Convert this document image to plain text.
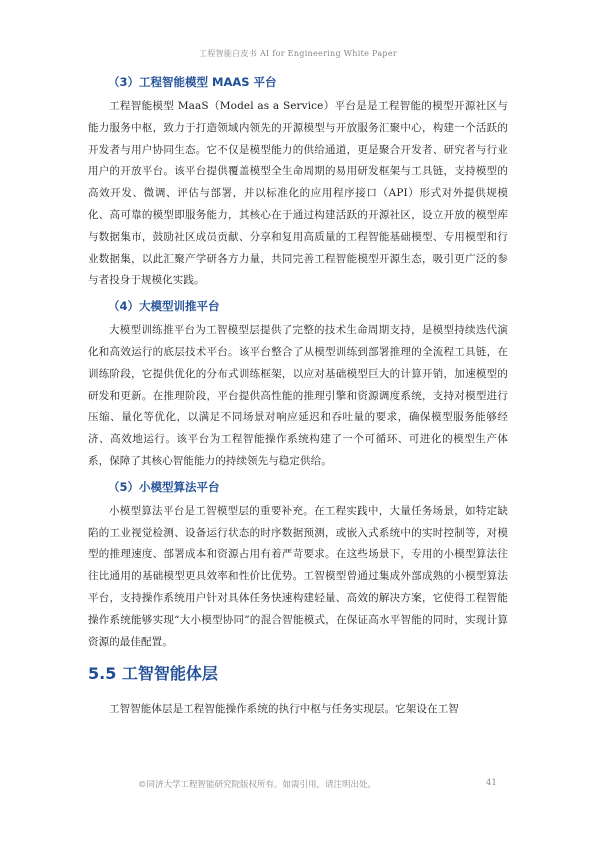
工程智能白皮书 AI for Engineering White Paper
（3）工程智能模型 MAAS 平台

工程智能模型 MaaS（Model as a Service）平台是是工程智能的模型开源社区与能力服务中枢，致力于打造领域内领先的开源模型与开放服务汇聚中心，构建一个活跃的开发者与用户协同生态。它不仅是模型能力的供给通道，更是聚合开发者、研究者与行业用户的开放平台。该平台提供覆盖模型全生命周期的易用研发框架与工具链，支持模型的高效开发、微调、评估与部署，并以标准化的应用程序接口（API）形式对外提供规模化、高可靠的模型即服务能力，其核心在于通过构建活跃的开源社区，设立开放的模型库与数据集市，鼓励社区成员贡献、分享和复用高质量的工程智能基础模型、专用模型和行业数据集，以此汇聚产学研各方力量，共同完善工程智能模型开源生态，吸引更广泛的参与者投身于规模化实践。

（4）大模型训推平台

大模型训练推平台为工智模型层提供了完整的技术生命周期支持，是模型持续迭代演化和高效运行的底层技术平台。该平台整合了从模型训练到部署推理的全流程工具链，在训练阶段，它提供优化的分布式训练框架，以应对基础模型巨大的计算开销，加速模型的研发和更新。在推理阶段，平台提供高性能的推理引擎和资源调度系统，支持对模型进行压缩、量化等优化，以满足不同场景对响应延迟和吞吐量的要求，确保模型服务能够经济、高效地运行。该平台为工程智能操作系统构建了一个可循环、可进化的模型生产体系，保障了其核心智能能力的持续领先与稳定供给。

（5）小模型算法平台

小模型算法平台是工智模型层的重要补充。在工程实践中，大量任务场景，如特定缺陷的工业视觉检测、设备运行状态的时序数据预测，或嵌入式系统中的实时控制等，对模型的推理速度、部署成本和资源占用有着严苛要求。在这些场景下，专用的小模型算法往往比通用的基础模型更具效率和性价比优势。工智模型曾通过集成外部成熟的小模型算法平台，支持操作系统用户针对具体任务快速构建轻量、高效的解决方案，它使得工程智能操作系统能够实现“大小模型协同”的混合智能模式，在保证高水平智能的同时，实现计算资源的最佳配置。

5.5 工智智能体层

工智智能体层是工程智能操作系统的执行中枢与任务实现层。它架设在工智

©同济大学工程智能研究院版权所有。如需引用，请注明出处。	41
